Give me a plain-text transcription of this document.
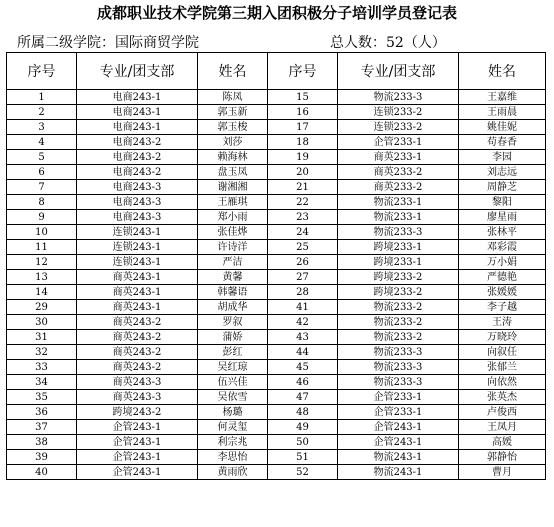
成都职业技术学院第三期入团积极分子培训学员登记表
所属二级学院：国际商贸学院	总人数：52（人）
序号	专业/团支部	姓名	序号	专业/团支部	姓名
1	电商243-1	陈凤	15	物流233-3	王嘉维
2	电商243-1	郭玉新	16	连锁233-2	王雨晨
3	电商243-1	郭玉梭	17	连锁233-2	姚佳妮
4	电商243-2	刘莎	18	企管233-1	苟春香
5	电商243-2	赖海林	19	商英233-1	李园
6	电商243-2	盘玉凤	20	商英233-2	刘志远
7	电商243-3	谢湘湘	21	商英233-2	周静芝
8	电商243-3	王雁琪	22	物流233-1	黎阳
9	电商243-3	郑小雨	23	物流233-1	廖星雨
10	连锁243-1	张佳烨	24	物流233-3	张林平
11	连锁243-1	许诗洋	25	跨境233-1	邓彩霞
12	连锁243-1	严洁	26	跨境233-1	万小娟
13	商英243-1	黄馨	27	跨境233-2	严德艳
14	商英243-1	韩馨语	28	跨境233-2	张媛媛
29	商英243-1	胡成华	41	物流233-2	李子越
30	商英243-2	罗叙	42	物流233-2	王涛
31	商英243-2	蒲娇	43	物流233-2	万晓玲
32	商英243-2	彭红	44	物流233-3	向叙任
33	商英243-2	吴红琼	45	物流233-3	张郁兰
34	商英243-3	伍兴佳	46	物流233-3	向依然
35	商英243-3	吴依雪	47	企管233-1	张英杰
36	跨境243-2	杨璐	48	企管233-1	卢俊西
37	企管243-1	何灵玺	49	企管243-1	王凤月
38	企管243-1	利宗兆	50	企管243-1	高媛
39	企管243-1	李思怡	51	物流243-1	郭静怡
40	企管243-1	黄雨欣	52	物流243-1	曹月
